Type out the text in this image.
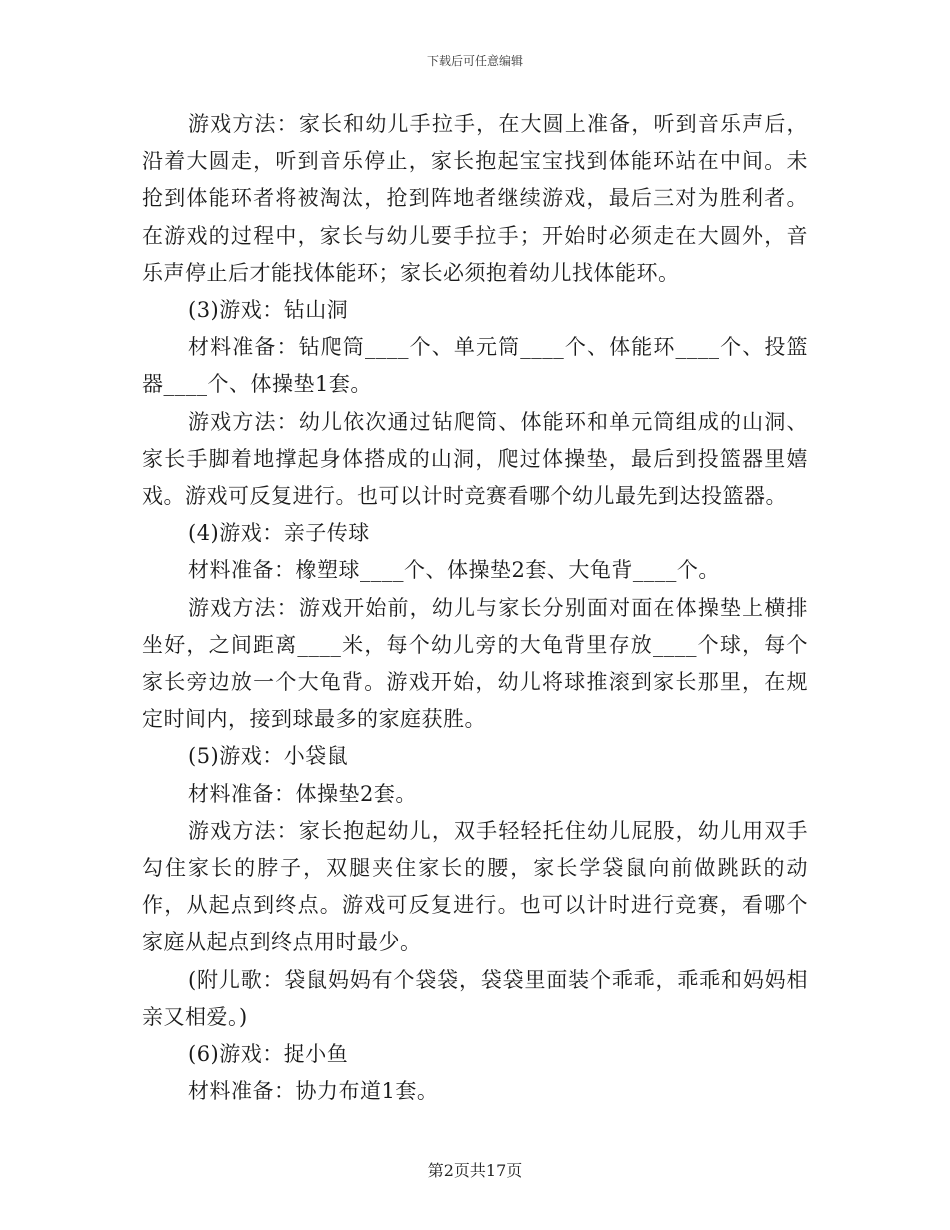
下载后可任意编辑

游戏方法：家长和幼儿手拉手，在大圆上准备，听到音乐声后，沿着大圆走，听到音乐停止，家长抱起宝宝找到体能环站在中间。未抢到体能环者将被淘汰，抢到阵地者继续游戏，最后三对为胜利者。在游戏的过程中，家长与幼儿要手拉手；开始时必须走在大圆外，音乐声停止后才能找体能环；家长必须抱着幼儿找体能环。

(3)游戏：钻山洞

材料准备：钻爬筒____个、单元筒____个、体能环____个、投篮器____个、体操垫1套。

游戏方法：幼儿依次通过钻爬筒、体能环和单元筒组成的山洞、家长手脚着地撑起身体搭成的山洞，爬过体操垫，最后到投篮器里嬉戏。游戏可反复进行。也可以计时竞赛看哪个幼儿最先到达投篮器。

(4)游戏：亲子传球

材料准备：橡塑球____个、体操垫2套、大龟背____个。

游戏方法：游戏开始前，幼儿与家长分别面对面在体操垫上横排坐好，之间距离____米，每个幼儿旁的大龟背里存放____个球，每个家长旁边放一个大龟背。游戏开始，幼儿将球推滚到家长那里，在规定时间内，接到球最多的家庭获胜。

(5)游戏：小袋鼠

材料准备：体操垫2套。

游戏方法：家长抱起幼儿，双手轻轻托住幼儿屁股，幼儿用双手勾住家长的脖子，双腿夹住家长的腰，家长学袋鼠向前做跳跃的动作，从起点到终点。游戏可反复进行。也可以计时进行竞赛，看哪个家庭从起点到终点用时最少。

(附儿歌：袋鼠妈妈有个袋袋，袋袋里面装个乖乖，乖乖和妈妈相亲又相爱。)

(6)游戏：捉小鱼

材料准备：协力布道1套。

第2页共17页
